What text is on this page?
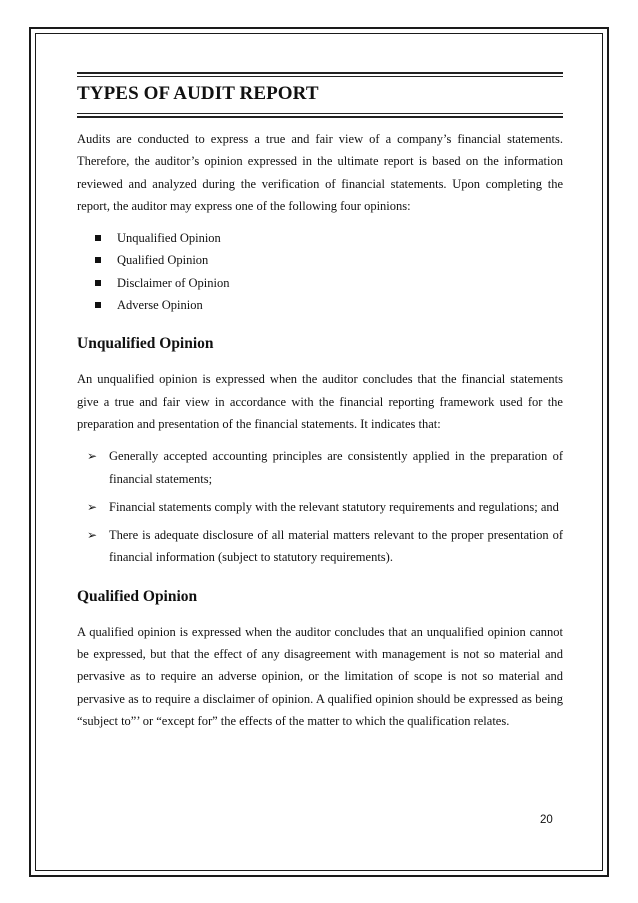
TYPES OF AUDIT REPORT

Audits are conducted to express a true and fair view of a company’s financial statements. Therefore, the auditor’s opinion expressed in the ultimate report is based on the information reviewed and analyzed during the verification of financial statements. Upon completing the report, the auditor may express one of the following four opinions:

Unqualified Opinion
Qualified Opinion
Disclaimer of Opinion
Adverse Opinion
Unqualified Opinion

An unqualified opinion is expressed when the auditor concludes that the financial statements give a true and fair view in accordance with the financial reporting framework used for the preparation and presentation of the financial statements. It indicates that:

➢ Generally accepted accounting principles are consistently applied in the preparation of financial statements;
➢ Financial statements comply with the relevant statutory requirements and regulations; and
➢ There is adequate disclosure of all material matters relevant to the proper presentation of financial information (subject to statutory requirements).
Qualified Opinion

A qualified opinion is expressed when the auditor concludes that an unqualified opinion cannot be expressed, but that the effect of any disagreement with management is not so material and pervasive as to require an adverse opinion, or the limitation of scope is not so material and pervasive as to require a disclaimer of opinion. A qualified opinion should be expressed as being “subject to”’ or “except for” the effects of the matter to which the qualification relates.

20
